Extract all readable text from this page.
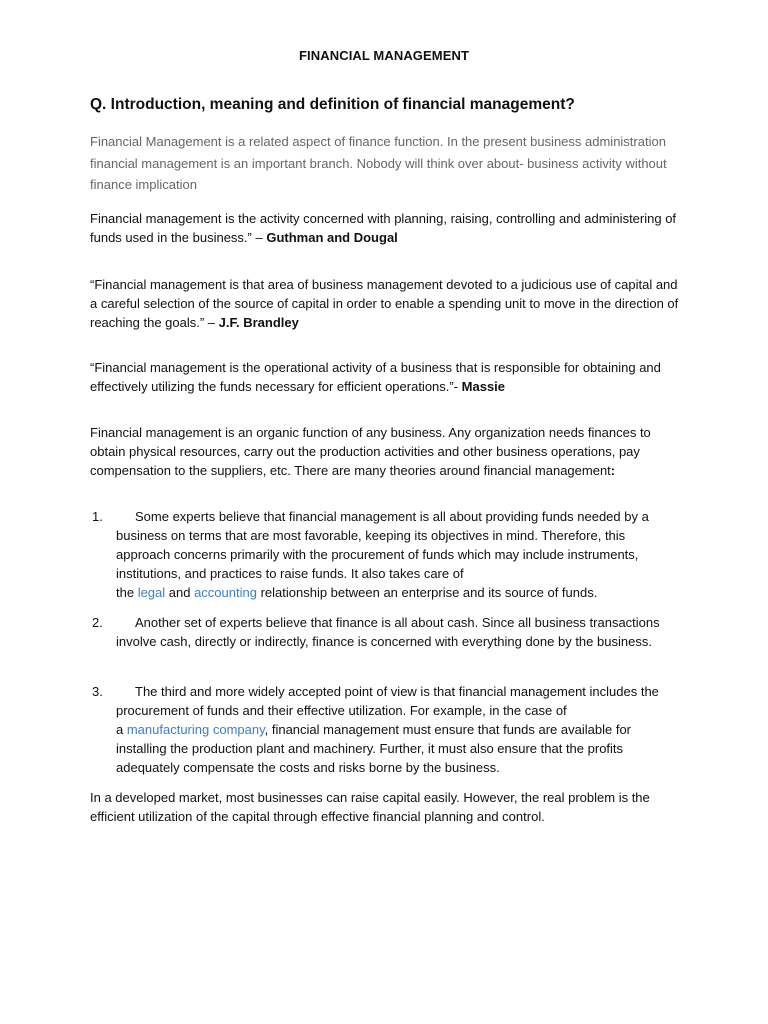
FINANCIAL MANAGEMENT
Q. Introduction, meaning and definition of financial management?
Financial Management is a related aspect of finance function. In the present business administration financial management is an important branch. Nobody will think over about- business activity without finance implication
Financial management is the activity concerned with planning, raising, controlling and administering of funds used in the business.” – Guthman and Dougal
“Financial management is that area of business management devoted to a judicious use of capital and a careful selection of the source of capital in order to enable a spending unit to move in the direction of reaching the goals.” – J.F. Brandley
“Financial management is the operational activity of a business that is responsible for obtaining and effectively utilizing the funds necessary for efficient operations.”- Massie
Financial management is an organic function of any business. Any organization needs finances to obtain physical resources, carry out the production activities and other business operations, pay compensation to the suppliers, etc. There are many theories around financial management:
1.	Some experts believe that financial management is all about providing funds needed by a business on terms that are most favorable, keeping its objectives in mind. Therefore, this approach concerns primarily with the procurement of funds which may include instruments, institutions, and practices to raise funds. It also takes care of
the legal and accounting relationship between an enterprise and its source of funds.
2.	Another set of experts believe that finance is all about cash. Since all business transactions involve cash, directly or indirectly, finance is concerned with everything done by the business.
3.	The third and more widely accepted point of view is that financial management includes the procurement of funds and their effective utilization. For example, in the case of
a manufacturing company, financial management must ensure that funds are available for installing the production plant and machinery. Further, it must also ensure that the profits adequately compensate the costs and risks borne by the business.
In a developed market, most businesses can raise capital easily. However, the real problem is the efficient utilization of the capital through effective financial planning and control.
